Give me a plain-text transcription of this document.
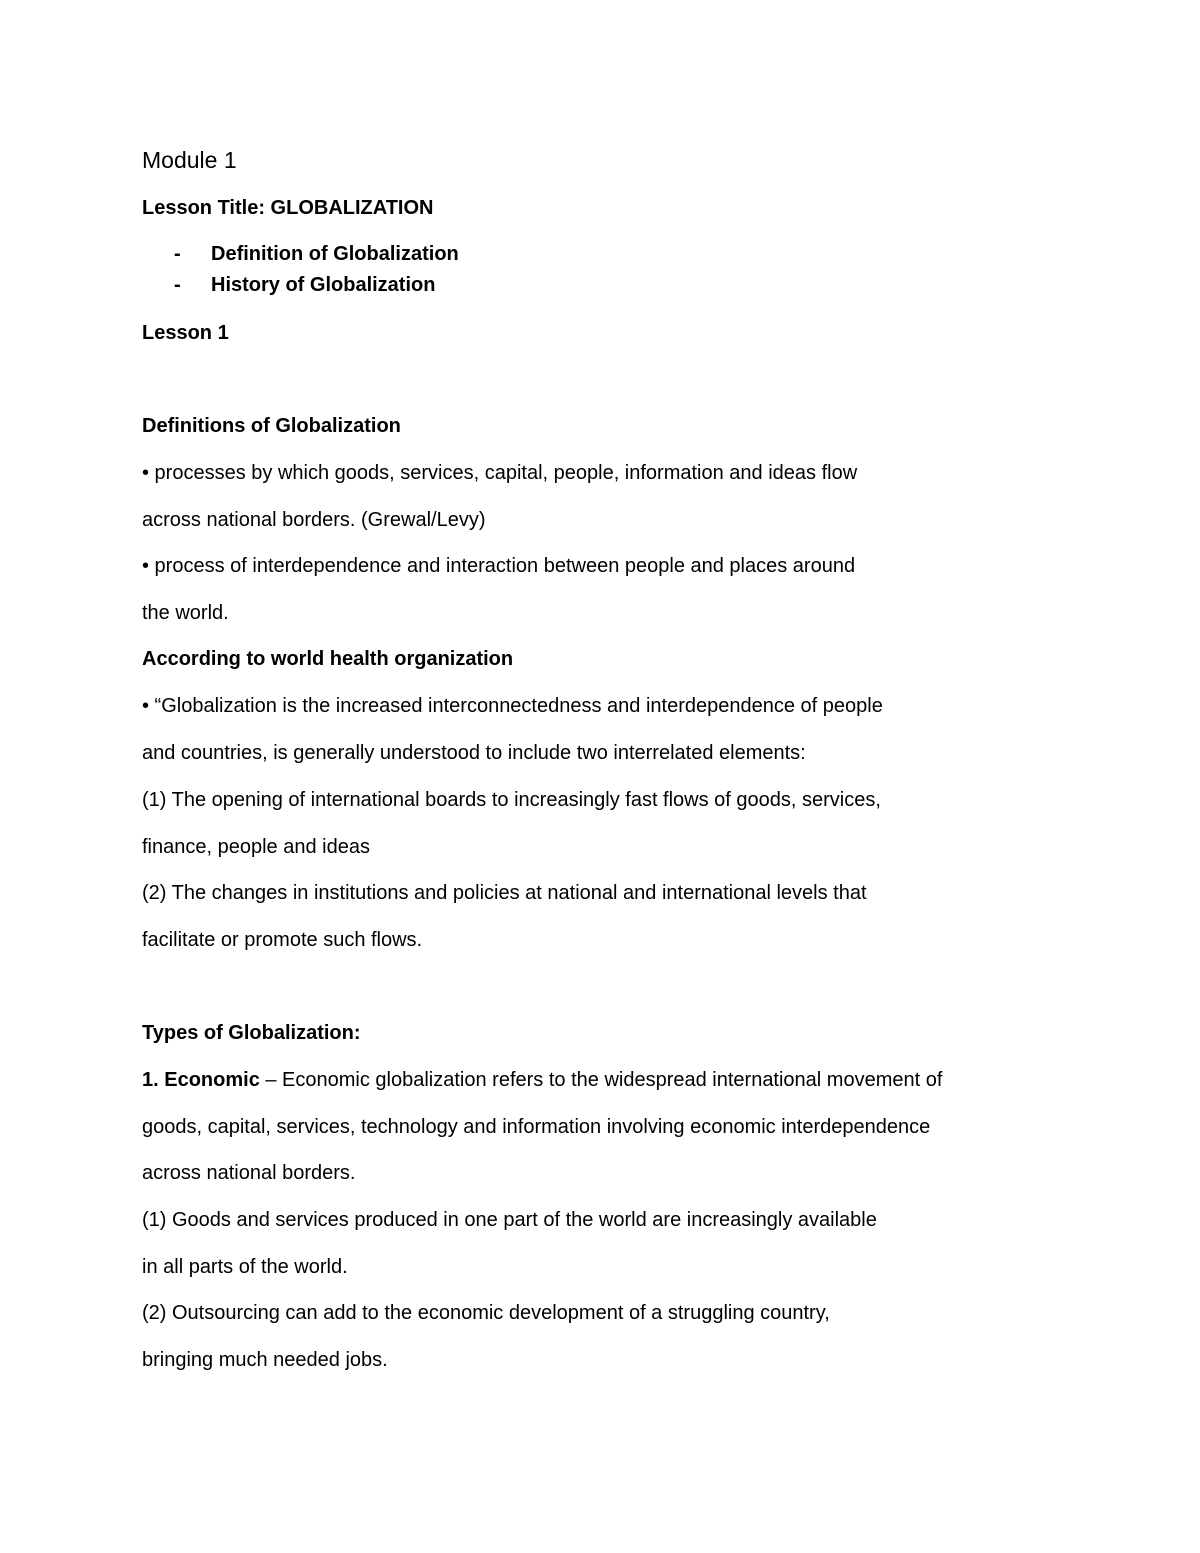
Module 1
Lesson Title: GLOBALIZATION
- Definition of Globalization
- History of Globalization
Lesson 1
Definitions of Globalization
• processes by which goods, services, capital, people, information and ideas flow
across national borders. (Grewal/Levy)
• process of interdependence and interaction between people and places around
the world.
According to world health organization
• “Globalization is the increased interconnectedness and interdependence of people
and countries, is generally understood to include two interrelated elements:
(1) The opening of international boards to increasingly fast flows of goods, services,
finance, people and ideas
(2) The changes in institutions and policies at national and international levels that
facilitate or promote such flows.
Types of Globalization:
1. Economic – Economic globalization refers to the widespread international movement of
goods, capital, services, technology and information involving economic interdependence
across national borders.
(1) Goods and services produced in one part of the world are increasingly available
in all parts of the world.
(2) Outsourcing can add to the economic development of a struggling country,
bringing much needed jobs.
